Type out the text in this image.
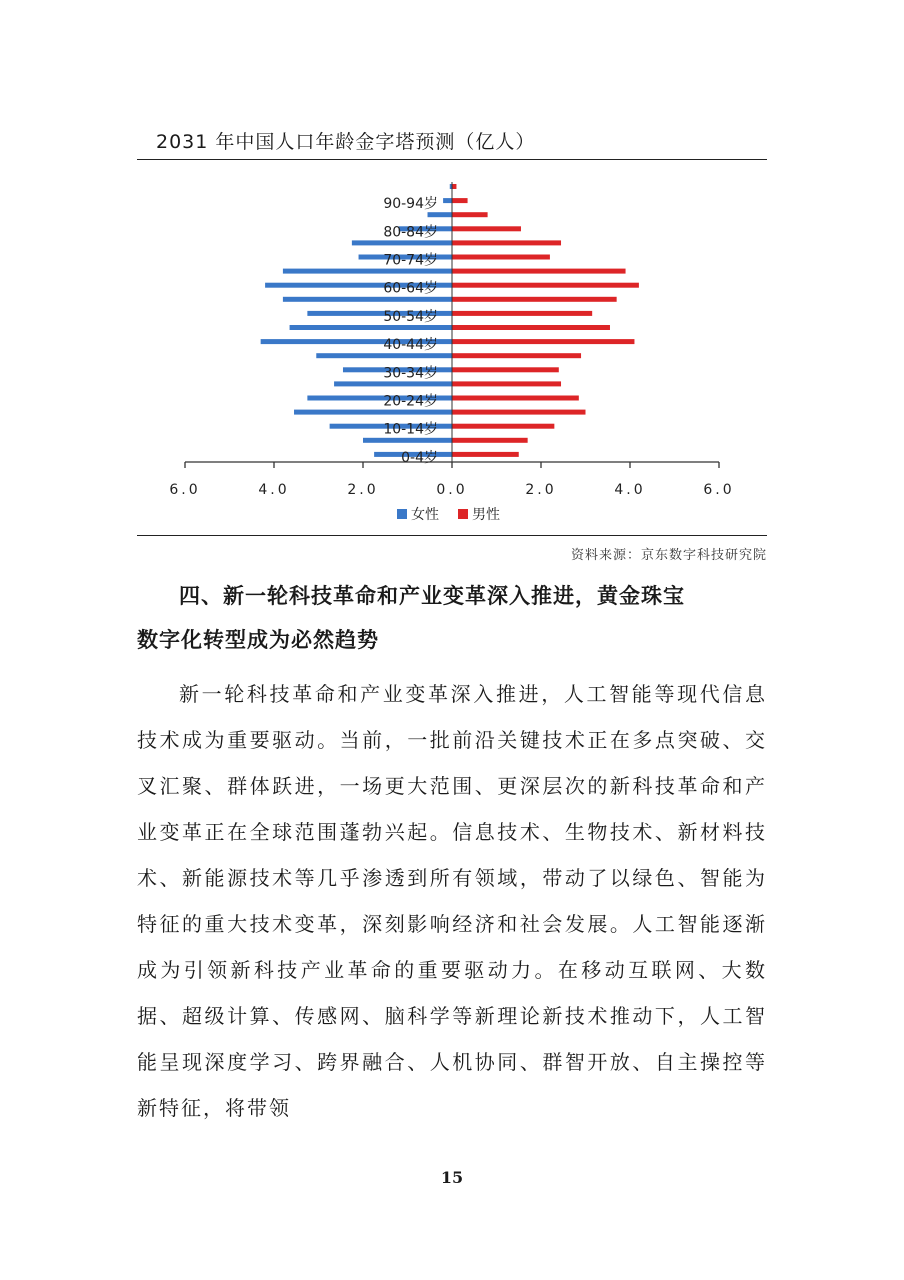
2031 年中国人口年龄金字塔预测（亿人）
90-94岁
80-84岁
70-74岁
60-64岁
50-54岁
40-44岁
30-34岁
20-24岁
10-14岁
0-4岁
6.0	4.0	2.0	0.0	2.0	4.0	6.0
女性 男性
资料来源：京东数字科技研究院
四、新一轮科技革命和产业变革深入推进，黄金珠宝
数字化转型成为必然趋势
新一轮科技革命和产业变革深入推进，人工智能等现代信息技术成为重要驱动。当前，一批前沿关键技术正在多点突破、交叉汇聚、群体跃进，一场更大范围、更深层次的新科技革命和产业变革正在全球范围蓬勃兴起。信息技术、生物技术、新材料技术、新能源技术等几乎渗透到所有领域，带动了以绿色、智能为特征的重大技术变革，深刻影响经济和社会发展。人工智能逐渐成为引领新科技产业革命的重要驱动力。在移动互联网、大数据、超级计算、传感网、脑科学等新理论新技术推动下，人工智能呈现深度学习、跨界融合、人机协同、群智开放、自主操控等新特征，将带领
15
